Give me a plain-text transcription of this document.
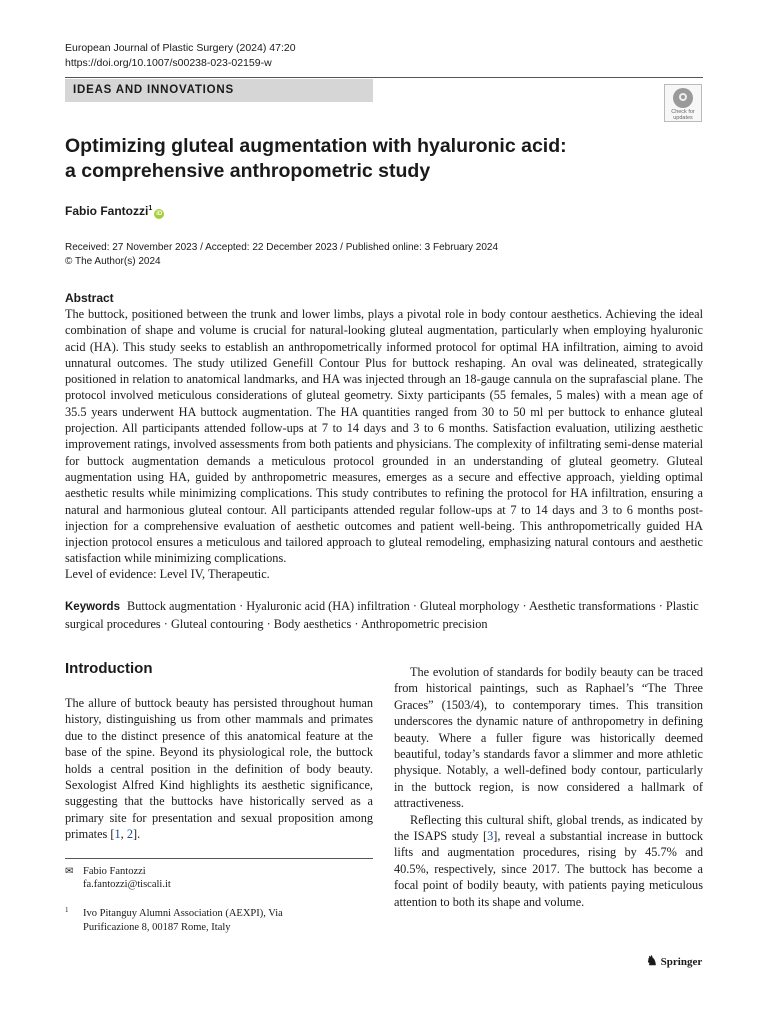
European Journal of Plastic Surgery (2024) 47:20
https://doi.org/10.1007/s00238-023-02159-w
IDEAS AND INNOVATIONS
Check for
updates
Optimizing gluteal augmentation with hyaluronic acid:
a comprehensive anthropometric study
Fabio Fantozzi$^1$iD
Received: 27 November 2023 / Accepted: 22 December 2023 / Published online: 3 February 2024
© The Author(s) 2024
Abstract
The buttock, positioned between the trunk and lower limbs, plays a pivotal role in body contour aesthetics. Achieving the ideal combination of shape and volume is crucial for natural-looking gluteal augmentation, particularly when employing hyaluronic acid (HA). This study seeks to establish an anthropometrically informed protocol for optimal HA infiltration, aiming to avoid unnatural outcomes. The study utilized Genefill Contour Plus for buttock reshaping. An oval was delineated, strategically positioned in relation to anatomical landmarks, and HA was injected through an 18-gauge cannula on the suprafascial plane. The protocol involved meticulous considerations of gluteal geometry. Sixty participants (55 females, 5 males) with a mean age of 35.5 years underwent HA buttock augmentation. The HA quantities ranged from 30 to 50 ml per buttock to enhance gluteal projection. All participants attended follow-ups at 7 to 14 days and 3 to 6 months. Satisfaction evaluation, utilizing aesthetic improvement ratings, involved assessments from both patients and physicians. The complexity of infiltrating semi-dense material for buttock augmentation demands a meticulous protocol grounded in an understanding of gluteal geometry. Gluteal augmentation using HA, guided by anthropometric measures, emerges as a secure and effective approach, yielding optimal aesthetic results while minimizing complications. This study contributes to refining the protocol for HA infiltration, ensuring a natural and harmonious gluteal contour. All participants attended regular follow-ups at 7 to 14 days and 3 to 6 months post-injection for a comprehensive evaluation of aesthetic outcomes and patient well-being. This anthropometrically guided HA injection protocol ensures a meticulous and tailored approach to gluteal remodeling, emphasizing natural contours and aesthetic satisfaction while minimizing complications.
Level of evidence: Level IV, Therapeutic.
Keywords Buttock augmentation · Hyaluronic acid (HA) infiltration · Gluteal morphology · Aesthetic transformations · Plastic surgical procedures · Gluteal contouring · Body aesthetics · Anthropometric precision
Introduction
The allure of buttock beauty has persisted throughout human history, distinguishing us from other mammals and primates due to the distinct presence of this anatomical feature at the base of the spine. Beyond its physiological role, the buttock holds a central position in the definition of body beauty. Sexologist Alfred Kind highlights its aesthetic significance, suggesting that the buttocks have historically served as a primary site for presentation and sexual proposition among primates [1, 2].
✉ Fabio Fantozzi
fa.fantozzi@tiscali.it
1 Ivo Pitanguy Alumni Association (AEXPI), Via
Purificazione 8, 00187 Rome, Italy

The evolution of standards for bodily beauty can be traced from historical paintings, such as Raphael’s “The Three Graces” (1503/4), to contemporary times. This transition underscores the dynamic nature of anthropometry in defining beauty. Where a fuller figure was historically deemed beautiful, today’s standards favor a slimmer and more athletic physique. Notably, a well-defined body contour, particularly in the buttock region, is now considered a hallmark of attractiveness.

Reflecting this cultural shift, global trends, as indicated by the ISAPS study [3], reveal a substantial increase in buttock lifts and augmentation procedures, rising by 45.7% and 40.5%, respectively, since 2017. The buttock has become a focal point of bodily beauty, with patients paying meticulous attention to both its shape and volume.

♞ Springer
